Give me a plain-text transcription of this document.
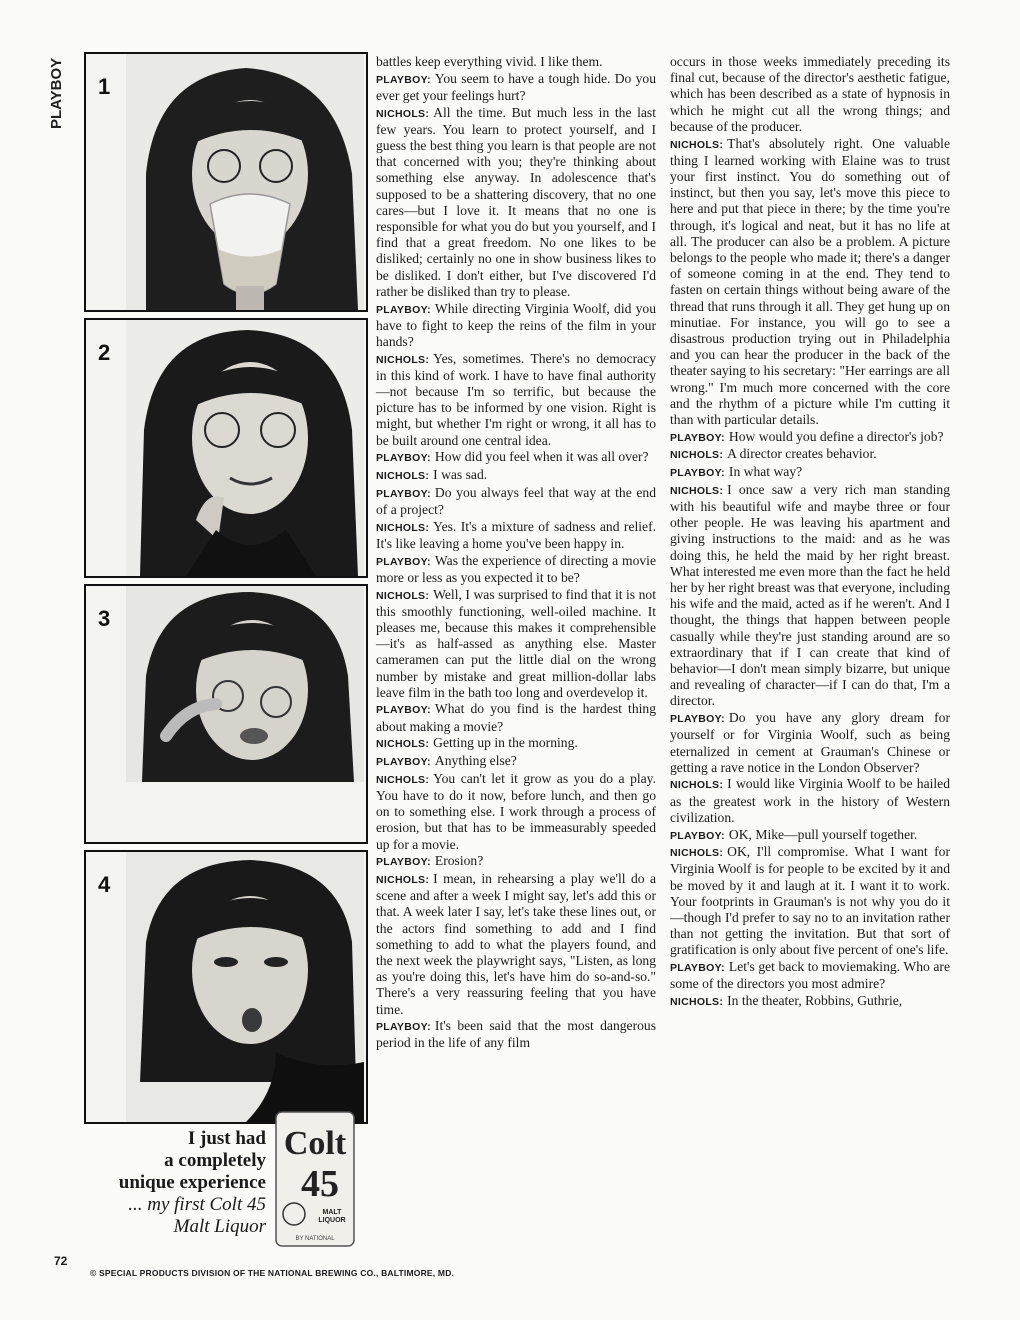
PLAYBOY	1
2
3
4
I just had
a completely
unique experience
... my first Colt 45
Malt Liquor
Colt
45
MALT
LIQUOR
BY NATIONAL
72
© SPECIAL PRODUCTS DIVISION OF THE NATIONAL BREWING CO., BALTIMORE, MD.

battles keep everything vivid. I like them.

PLAYBOY: You seem to have a tough hide. Do you ever get your feelings hurt?

NICHOLS: All the time. But much less in the last few years. You learn to protect yourself, and I guess the best thing you learn is that people are not that concerned with you; they're thinking about something else anyway. In adolescence that's supposed to be a shattering discovery, that no one cares—but I love it. It means that no one is responsible for what you do but you yourself, and I find that a great freedom. No one likes to be disliked; certainly no one in show business likes to be disliked. I don't either, but I've discovered I'd rather be disliked than try to please.

PLAYBOY: While directing Virginia Woolf, did you have to fight to keep the reins of the film in your hands?

NICHOLS: Yes, sometimes. There's no democracy in this kind of work. I have to have final authority—not because I'm so terrific, but because the picture has to be informed by one vision. Right is might, but whether I'm right or wrong, it all has to be built around one central idea.

PLAYBOY: How did you feel when it was all over?

NICHOLS: I was sad.

PLAYBOY: Do you always feel that way at the end of a project?

NICHOLS: Yes. It's a mixture of sadness and relief. It's like leaving a home you've been happy in.

PLAYBOY: Was the experience of directing a movie more or less as you expected it to be?

NICHOLS: Well, I was surprised to find that it is not this smoothly functioning, well-oiled machine. It pleases me, because this makes it comprehensible—it's as half-assed as anything else. Master cameramen can put the little dial on the wrong number by mistake and great million-dollar labs leave film in the bath too long and overdevelop it.

PLAYBOY: What do you find is the hardest thing about making a movie?

NICHOLS: Getting up in the morning.

PLAYBOY: Anything else?

NICHOLS: You can't let it grow as you do a play. You have to do it now, before lunch, and then go on to something else. I work through a process of erosion, but that has to be immeasurably speeded up for a movie.

PLAYBOY: Erosion?

NICHOLS: I mean, in rehearsing a play we'll do a scene and after a week I might say, let's add this or that. A week later I say, let's take these lines out, or the actors find something to add and I find something to add to what the players found, and the next week the playwright says, "Listen, as long as you're doing this, let's have him do so-and-so." There's a very reassuring feeling that you have time.

PLAYBOY: It's been said that the most dangerous period in the life of any film

occurs in those weeks immediately preceding its final cut, because of the director's aesthetic fatigue, which has been described as a state of hypnosis in which he might cut all the wrong things; and because of the producer.

NICHOLS: That's absolutely right. One valuable thing I learned working with Elaine was to trust your first instinct. You do something out of instinct, but then you say, let's move this piece to here and put that piece in there; by the time you're through, it's logical and neat, but it has no life at all. The producer can also be a problem. A picture belongs to the people who made it; there's a danger of someone coming in at the end. They tend to fasten on certain things without being aware of the thread that runs through it all. They get hung up on minutiae. For instance, you will go to see a disastrous production trying out in Philadelphia and you can hear the producer in the back of the theater saying to his secretary: "Her earrings are all wrong." I'm much more concerned with the core and the rhythm of a picture while I'm cutting it than with particular details.

PLAYBOY: How would you define a director's job?

NICHOLS: A director creates behavior.

PLAYBOY: In what way?

NICHOLS: I once saw a very rich man standing with his beautiful wife and maybe three or four other people. He was leaving his apartment and giving instructions to the maid: and as he was doing this, he held the maid by her right breast. What interested me even more than the fact he held her by her right breast was that everyone, including his wife and the maid, acted as if he weren't. And I thought, the things that happen between people casually while they're just standing around are so extraordinary that if I can create that kind of behavior—I don't mean simply bizarre, but unique and revealing of character—if I can do that, I'm a director.

PLAYBOY: Do you have any glory dream for yourself or for Virginia Woolf, such as being eternalized in cement at Grauman's Chinese or getting a rave notice in the London Observer?

NICHOLS: I would like Virginia Woolf to be hailed as the greatest work in the history of Western civilization.

PLAYBOY: OK, Mike—pull yourself together.

NICHOLS: OK, I'll compromise. What I want for Virginia Woolf is for people to be excited by it and be moved by it and laugh at it. I want it to work. Your footprints in Grauman's is not why you do it—though I'd prefer to say no to an invitation rather than not getting the invitation. But that sort of gratification is only about five percent of one's life.

PLAYBOY: Let's get back to moviemaking. Who are some of the directors you most admire?

NICHOLS: In the theater, Robbins, Guthrie,
